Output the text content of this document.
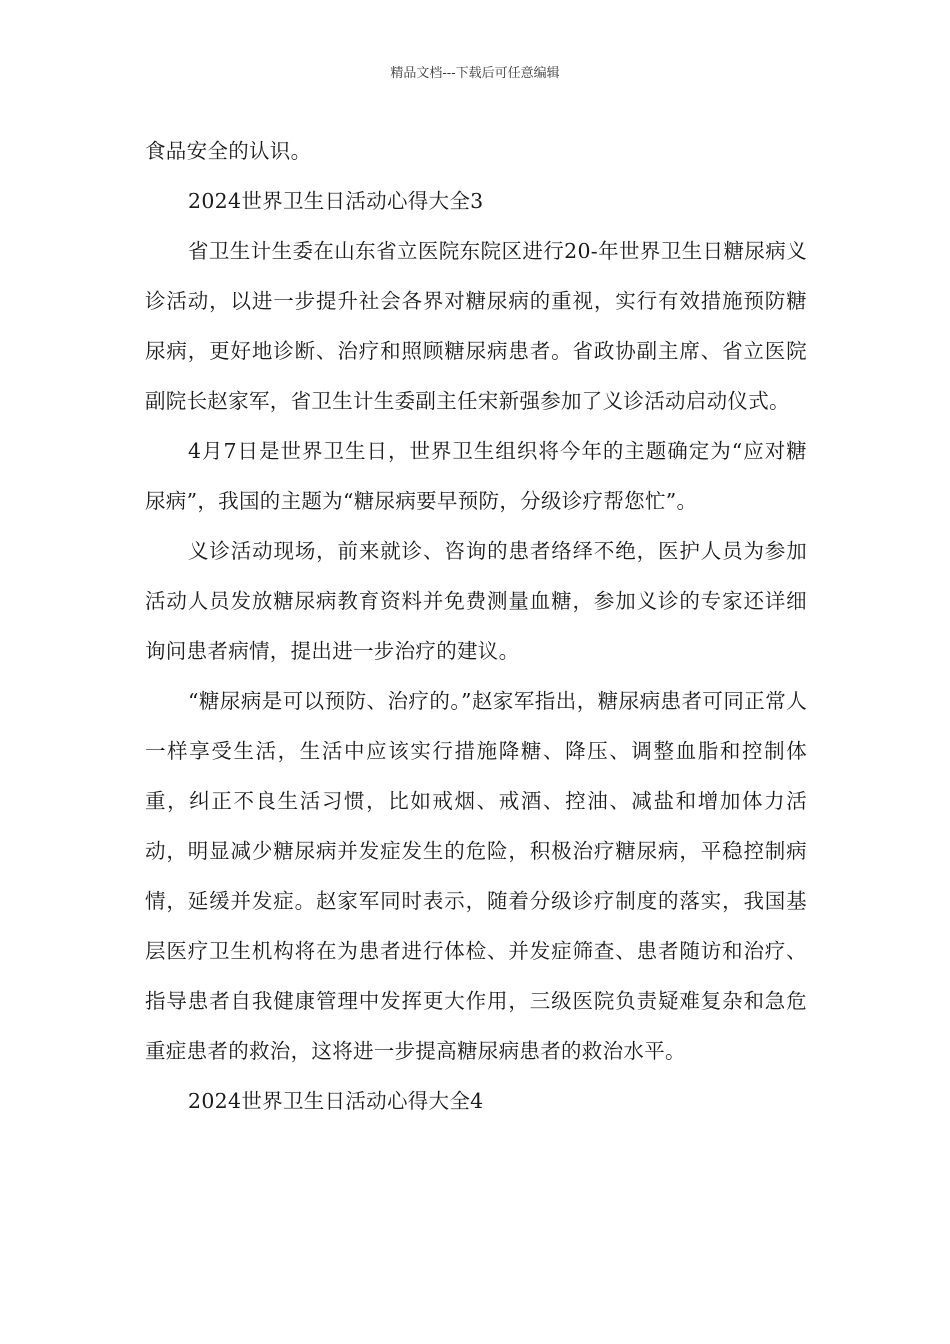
精品文档---下载后可任意编辑

食品安全的认识。

2024世界卫生日活动心得大全3

省卫生计生委在山东省立医院东院区进行20-年世界卫生日糖尿病义诊活动，以进一步提升社会各界对糖尿病的重视，实行有效措施预防糖尿病，更好地诊断、治疗和照顾糖尿病患者。省政协副主席、省立医院副院长赵家军，省卫生计生委副主任宋新强参加了义诊活动启动仪式。

4月7日是世界卫生日，世界卫生组织将今年的主题确定为“应对糖尿病”，我国的主题为“糖尿病要早预防，分级诊疗帮您忙”。

义诊活动现场，前来就诊、咨询的患者络绎不绝，医护人员为参加活动人员发放糖尿病教育资料并免费测量血糖，参加义诊的专家还详细询问患者病情，提出进一步治疗的建议。

“糖尿病是可以预防、治疗的。”赵家军指出，糖尿病患者可同正常人一样享受生活，生活中应该实行措施降糖、降压、调整血脂和控制体重，纠正不良生活习惯，比如戒烟、戒酒、控油、减盐和增加体力活动，明显减少糖尿病并发症发生的危险，积极治疗糖尿病，平稳控制病情，延缓并发症。赵家军同时表示，随着分级诊疗制度的落实，我国基层医疗卫生机构将在为患者进行体检、并发症筛查、患者随访和治疗、指导患者自我健康管理中发挥更大作用，三级医院负责疑难复杂和急危重症患者的救治，这将进一步提高糖尿病患者的救治水平。

2024世界卫生日活动心得大全4
